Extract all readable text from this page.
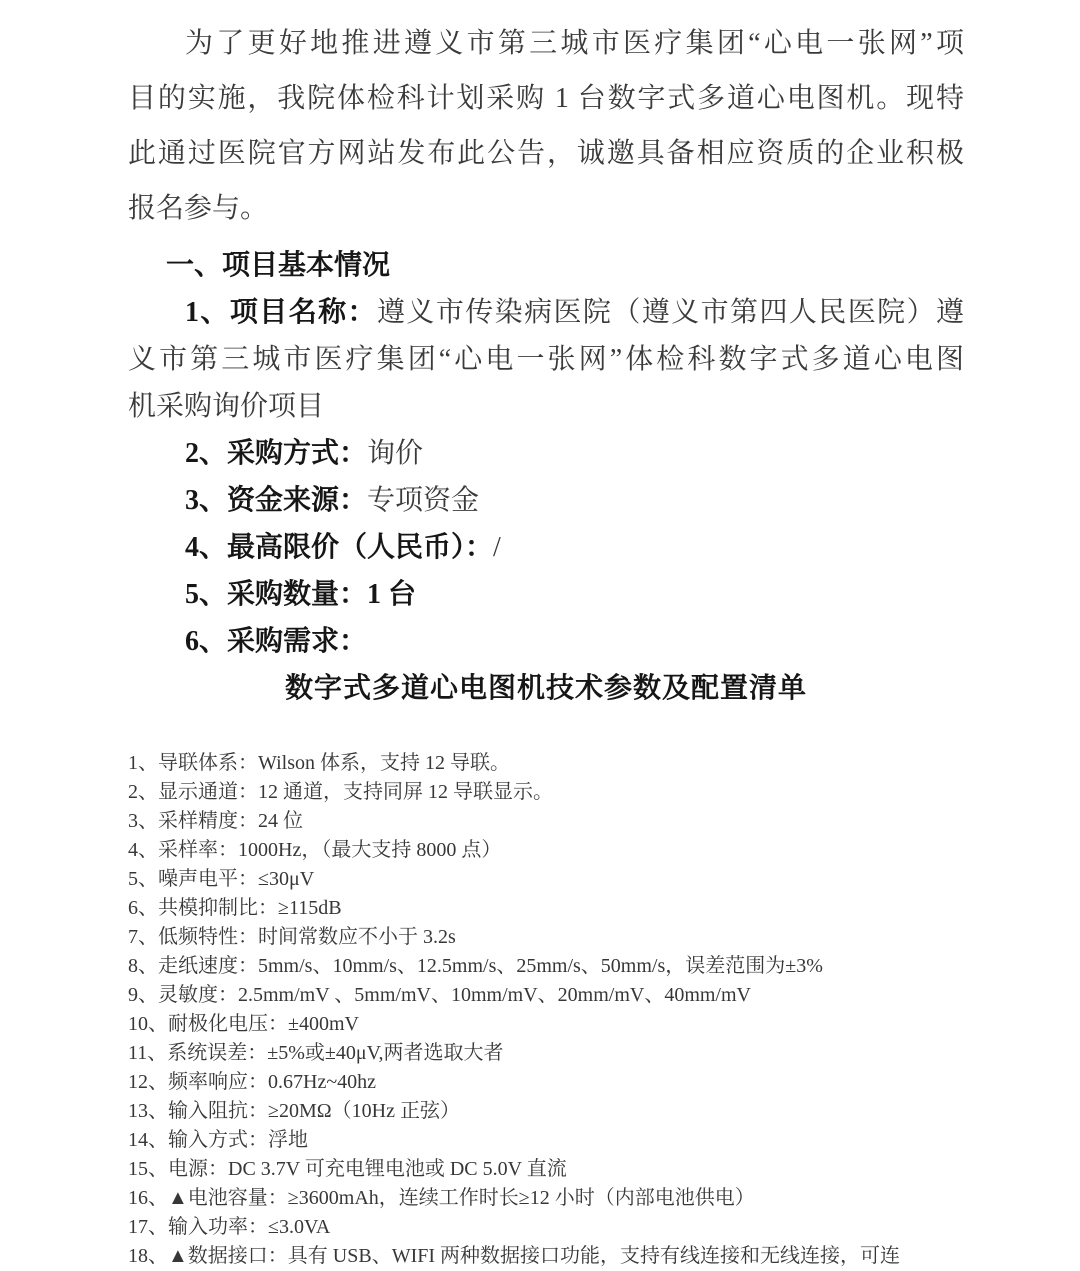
为了更好地推进遵义市第三城市医疗集团“心电一张网”项
目的实施，我院体检科计划采购 1 台数字式多道心电图机。现特
此通过医院官方网站发布此公告，诚邀具备相应资质的企业积极
报名参与。
一、项目基本情况
1、项目名称：遵义市传染病医院（遵义市第四人民医院）遵
义市第三城市医疗集团“心电一张网”体检科数字式多道心电图
机采购询价项目
2、采购方式：询价
3、资金来源：专项资金
4、最高限价（人民币）：/
5、采购数量：1 台
6、采购需求：
数字式多道心电图机技术参数及配置清单
1、导联体系：Wilson 体系，支持 12 导联。
2、显示通道：12 通道，支持同屏 12 导联显示。
3、采样精度：24 位
4、采样率：1000Hz，（最大支持 8000 点）
5、噪声电平：≤30μV
6、共模抑制比：≥115dB
7、低频特性：时间常数应不小于 3.2s
8、走纸速度：5mm/s、10mm/s、12.5mm/s、25mm/s、50mm/s，误差范围为±3%
9、灵敏度：2.5mm/mV 、5mm/mV、10mm/mV、20mm/mV、40mm/mV
10、耐极化电压：±400mV
11、系统误差：±5%或±40μV,两者选取大者
12、频率响应：0.67Hz~40hz
13、输入阻抗：≥20MΩ（10Hz 正弦）
14、输入方式：浮地
15、电源：DC 3.7V 可充电锂电池或 DC 5.0V 直流
16、▲电池容量：≥3600mAh，连续工作时长≥12 小时（内部电池供电）
17、输入功率：≤3.0VA
18、▲数据接口：具有 USB、WIFI 两种数据接口功能，支持有线连接和无线连接，可连
